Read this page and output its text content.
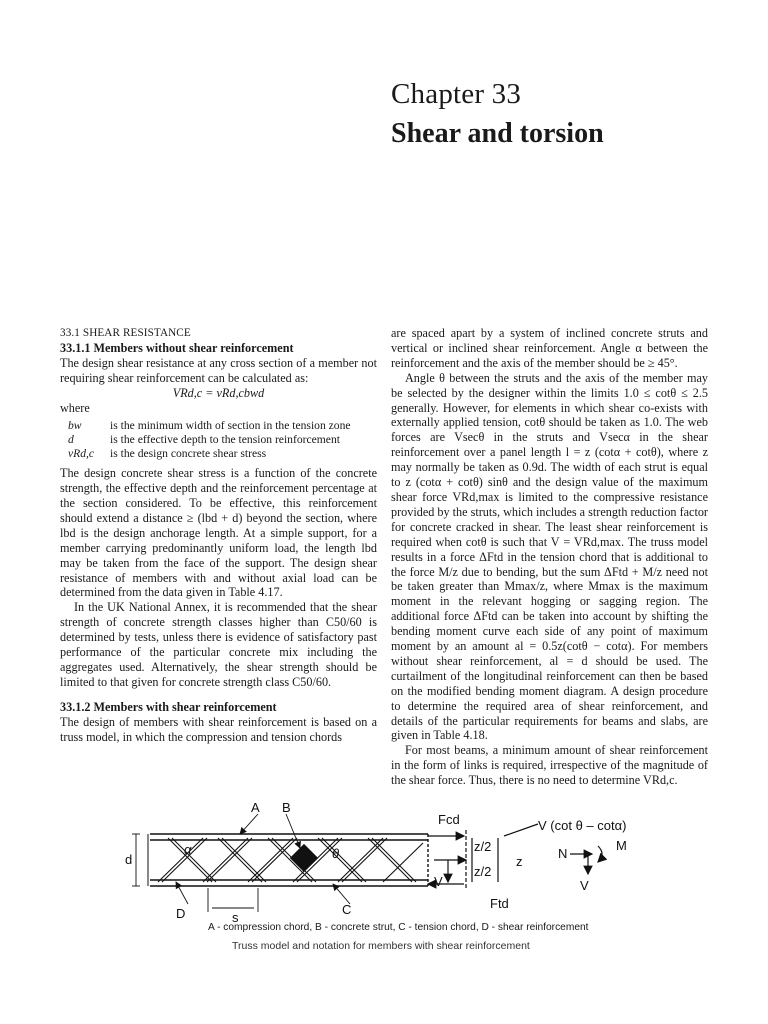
Chapter 33
Shear and torsion

33.1 SHEAR RESISTANCE

33.1.1 Members without shear reinforcement

The design shear resistance at any cross section of a member not requiring shear reinforcement can be calculated as:

VRd,c = vRd,cbwd

where

bw	is the minimum width of section in the tension zone
d	is the effective depth to the tension reinforcement
vRd,c	is the design concrete shear stress

The design concrete shear stress is a function of the concrete strength, the effective depth and the reinforcement percentage at the section considered. To be effective, this reinforcement should extend a distance ≥ (lbd + d) beyond the section, where lbd is the design anchorage length. At a simple support, for a member carrying predominantly uniform load, the length lbd may be taken from the face of the support. The design shear resistance of members with and without axial load can be determined from the data given in Table 4.17.

In the UK National Annex, it is recommended that the shear strength of concrete strength classes higher than C50/60 is determined by tests, unless there is evidence of satisfactory past performance of the particular concrete mix including the aggregates used. Alternatively, the shear strength should be limited to that given for concrete strength class C50/60.

33.1.2 Members with shear reinforcement

The design of members with shear reinforcement is based on a truss model, in which the compression and tension chords

are spaced apart by a system of inclined concrete struts and vertical or inclined shear reinforcement. Angle α between the reinforcement and the axis of the member should be ≥ 45°.

Angle θ between the struts and the axis of the member may be selected by the designer within the limits 1.0 ≤ cotθ ≤ 2.5 generally. However, for elements in which shear co-exists with externally applied tension, cotθ should be taken as 1.0. The web forces are Vsecθ in the struts and Vsecα in the shear reinforcement over a panel length l = z (cotα + cotθ), where z may normally be taken as 0.9d. The width of each strut is equal to z (cotα + cotθ) sinθ and the design value of the maximum shear force VRd,max is limited to the compressive resistance provided by the struts, which includes a strength reduction factor for concrete cracked in shear. The least shear reinforcement is required when cotθ is such that V = VRd,max. The truss model results in a force ΔFtd in the tension chord that is additional to the force M/z due to bending, but the sum ΔFtd + M/z need not be taken greater than Mmax/z, where Mmax is the maximum moment in the relevant hogging or sagging region. The additional force ΔFtd can be taken into account by shifting the bending moment curve each side of any point of maximum moment by an amount al = 0.5z(cotθ − cotα). For members without shear reinforcement, al = d should be used. The curtailment of the longitudinal reinforcement can then be based on the modified bending moment diagram. A design procedure to determine the required area of shear reinforcement, and details of the particular requirements for beams and slabs, are given in Table 4.18.

For most beams, a minimum amount of shear reinforcement in the form of links is required, irrespective of the magnitude of the shear force. Thus, there is no need to determine VRd,c.

A B
D	C
d
s
α	θ
Fcd
Ftd
z/2
z/2
z
V
N
M
V
V (cot θ – cotα)
A - compression chord, B - concrete strut, C - tension chord, D - shear reinforcement
Truss model and notation for members with shear reinforcement
